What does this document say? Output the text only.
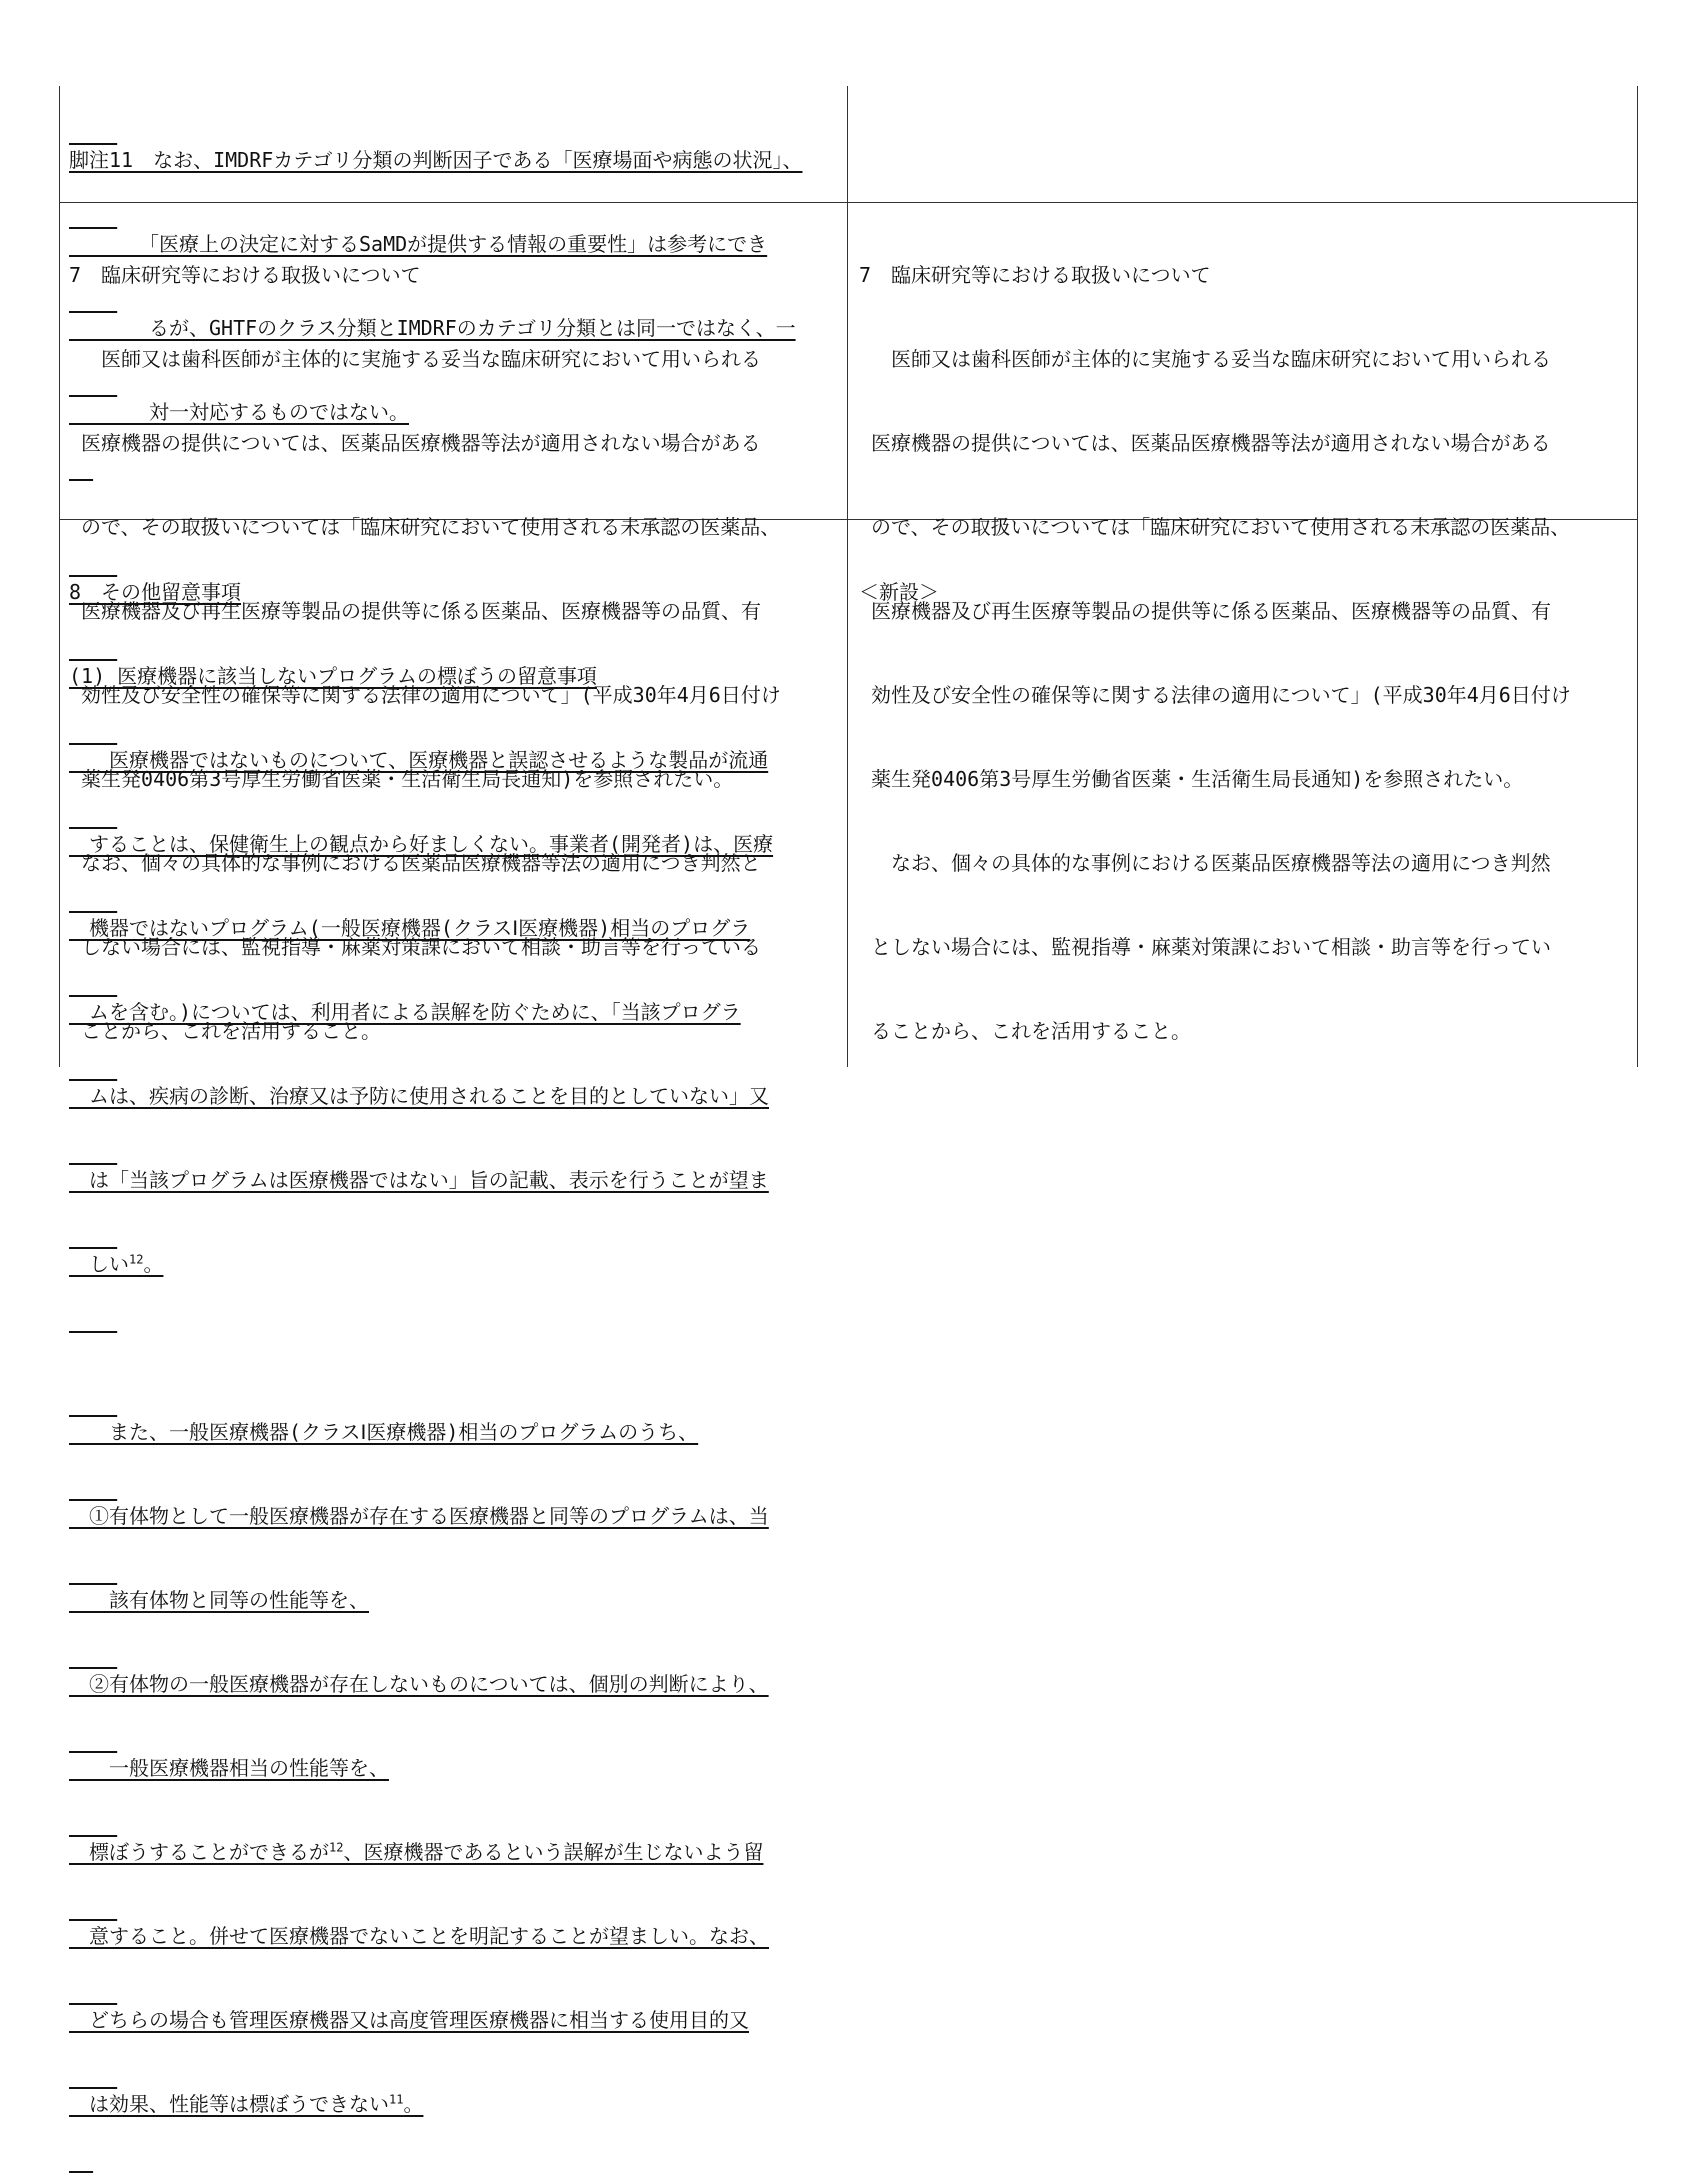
脚注11　なお、IMDRFカテゴリ分類の判断因子である「医療場面や病態の状況」、

　　　　「医療上の決定に対するSaMDが提供する情報の重要性」は参考にでき

　　　　るが、GHTFのクラス分類とIMDRFのカテゴリ分類とは同一ではなく、一

　　　　対一対応するものではない。

7　臨床研究等における取扱いについて

　 医師又は歯科医師が主体的に実施する妥当な臨床研究において用いられる

医療機器の提供については、医薬品医療機器等法が適用されない場合がある

ので、その取扱いについては「臨床研究において使用される未承認の医薬品、

医療機器及び再生医療等製品の提供等に係る医薬品、医療機器等の品質、有

効性及び安全性の確保等に関する法律の適用について」(平成30年4月6日付け

薬生発0406第3号厚生労働省医薬・生活衛生局長通知)を参照されたい。

なお、個々の具体的な事例における医薬品医療機器等法の適用につき判然と

しない場合には、監視指導・麻薬対策課において相談・助言等を行っている

ことから、これを活用すること。

7　臨床研究等における取扱いについて

　 医師又は歯科医師が主体的に実施する妥当な臨床研究において用いられる

医療機器の提供については、医薬品医療機器等法が適用されない場合がある

ので、その取扱いについては「臨床研究において使用される未承認の医薬品、

医療機器及び再生医療等製品の提供等に係る医薬品、医療機器等の品質、有

効性及び安全性の確保等に関する法律の適用について」(平成30年4月6日付け

薬生発0406第3号厚生労働省医薬・生活衛生局長通知)を参照されたい。

　 なお、個々の具体的な事例における医薬品医療機器等法の適用につき判然

としない場合には、監視指導・麻薬対策課において相談・助言等を行ってい

ることから、これを活用すること。

8　その他留意事項

(1) 医療機器に該当しないプログラムの標ぼうの留意事項

　　医療機器ではないものについて、医療機器と誤認させるような製品が流通

　することは、保健衛生上の観点から好ましくない。事業者(開発者)は、医療

　機器ではないプログラム(一般医療機器(クラスⅠ医療機器)相当のプログラ

　ムを含む。)については、利用者による誤解を防ぐために、「当該プログラ

　ムは、疾病の診断、治療又は予防に使用されることを目的としていない」又

　は「当該プログラムは医療機器ではない」旨の記載、表示を行うことが望ま

　しい$^{12}$。

　　また、一般医療機器(クラスⅠ医療機器)相当のプログラムのうち、

　①有体物として一般医療機器が存在する医療機器と同等のプログラムは、当

　　該有体物と同等の性能等を、

　②有体物の一般医療機器が存在しないものについては、個別の判断により、

　　一般医療機器相当の性能等を、

　標ぼうすることができるが$^{12}$、医療機器であるという誤解が生じないよう留

　意すること。併せて医療機器でないことを明記することが望ましい。なお、

　どちらの場合も管理医療機器又は高度管理医療機器に相当する使用目的又

　は効果、性能等は標ぼうできない$^{11}$。

＜新設＞
